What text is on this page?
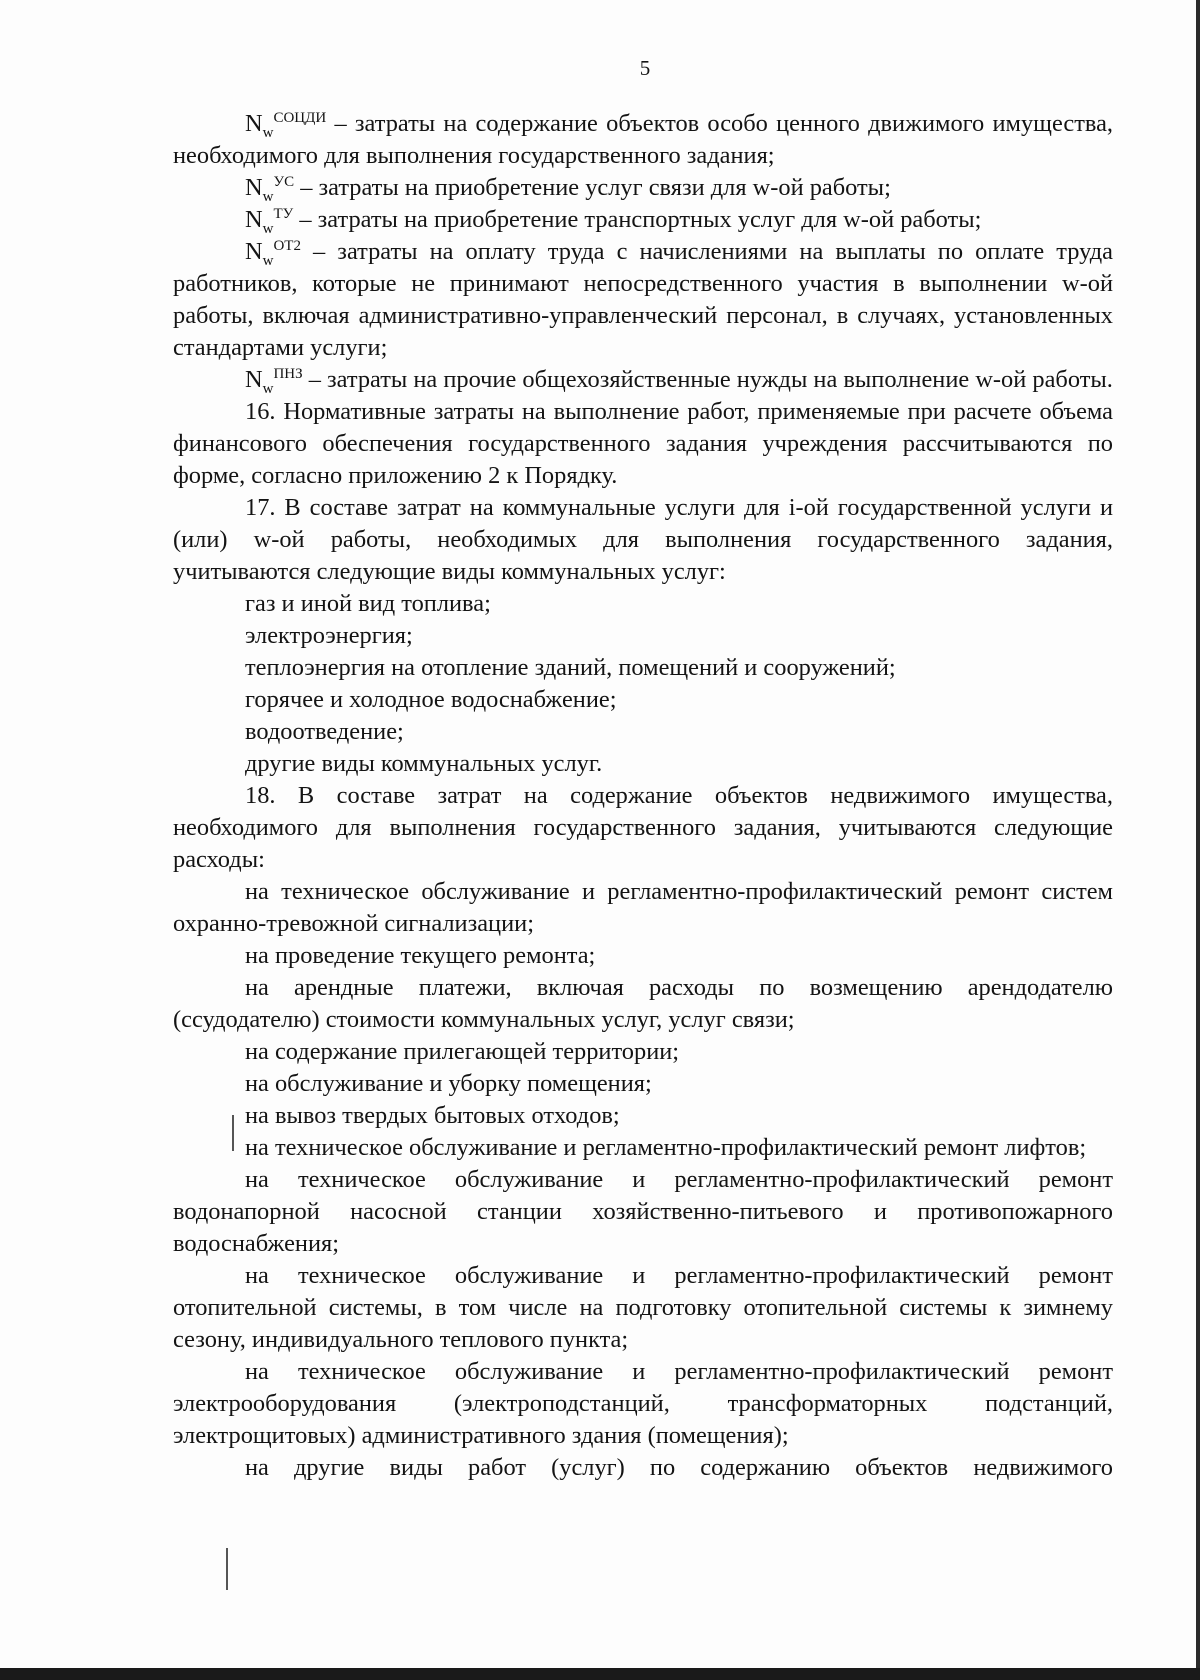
5

$N_w^{СОЦДИ}$ – затраты на содержание объектов особо ценного движимого имущества, необходимого для выполнения государственного задания;

$N_w^{УС}$ – затраты на приобретение услуг связи для w-ой работы;

$N_w^{ТУ}$ – затраты на приобретение транспортных услуг для w-ой работы;

$N_w^{ОТ2}$ – затраты на оплату труда с начислениями на выплаты по оплате труда работников, которые не принимают непосредственного участия в выполнении w-ой работы, включая административно-управленческий персонал, в случаях, установленных стандартами услуги;

$N_w^{ПНЗ}$ – затраты на прочие общехозяйственные нужды на выполнение w-ой работы.

16. Нормативные затраты на выполнение работ, применяемые при расчете объема финансового обеспечения государственного задания учреждения рассчитываются по форме, согласно приложению 2 к Порядку.

17. В составе затрат на коммунальные услуги для i-ой государственной услуги и (или) w-ой работы, необходимых для выполнения государственного задания, учитываются следующие виды коммунальных услуг:

газ и иной вид топлива;

электроэнергия;

теплоэнергия на отопление зданий, помещений и сооружений;

горячее и холодное водоснабжение;

водоотведение;

другие виды коммунальных услуг.

18. В составе затрат на содержание объектов недвижимого имущества, необходимого для выполнения государственного задания, учитываются следующие расходы:

на техническое обслуживание и регламентно-профилактический ремонт систем охранно-тревожной сигнализации;

на проведение текущего ремонта;

на арендные платежи, включая расходы по возмещению арендодателю (ссудодателю) стоимости коммунальных услуг, услуг связи;

на содержание прилегающей территории;

на обслуживание и уборку помещения;

на вывоз твердых бытовых отходов;

на техническое обслуживание и регламентно-профилактический ремонт лифтов;

на техническое обслуживание и регламентно-профилактический ремонт водонапорной насосной станции хозяйственно-питьевого и противопожарного водоснабжения;

на техническое обслуживание и регламентно-профилактический ремонт отопительной системы, в том числе на подготовку отопительной системы к зимнему сезону, индивидуального теплового пункта;

на техническое обслуживание и регламентно-профилактический ремонт электрооборудования (электроподстанций, трансформаторных подстанций, электрощитовых) административного здания (помещения);

на другие виды работ (услуг) по содержанию объектов недвижимого
